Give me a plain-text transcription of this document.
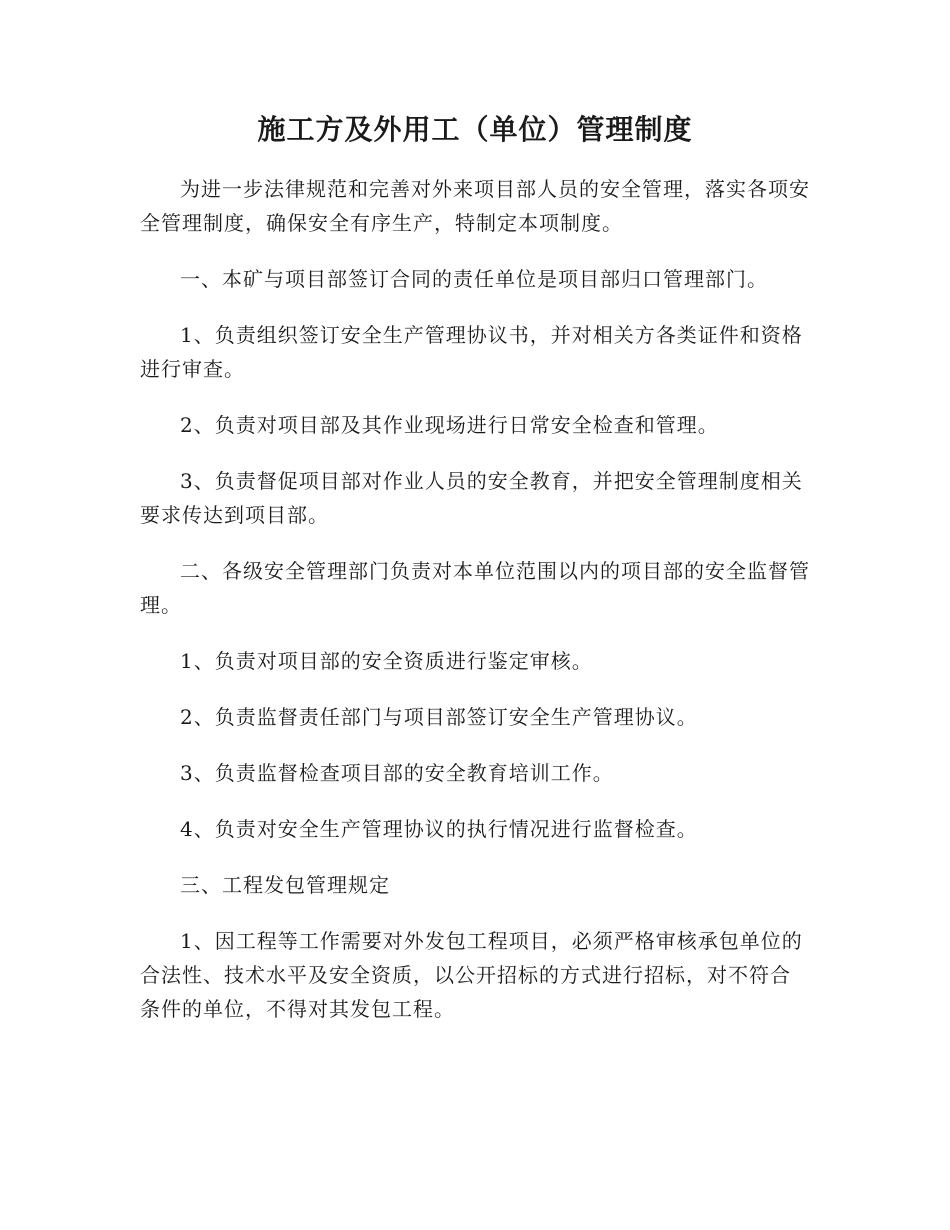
施工方及外用工（单位）管理制度

为进一步法律规范和完善对外来项目部人员的安全管理，落实各项安全管理制度，确保安全有序生产，特制定本项制度。

一、本矿与项目部签订合同的责任单位是项目部归口管理部门。

1、负责组织签订安全生产管理协议书，并对相关方各类证件和资格进行审查。

2、负责对项目部及其作业现场进行日常安全检查和管理。

3、负责督促项目部对作业人员的安全教育，并把安全管理制度相关要求传达到项目部。

二、各级安全管理部门负责对本单位范围以内的项目部的安全监督管理。

1、负责对项目部的安全资质进行鉴定审核。

2、负责监督责任部门与项目部签订安全生产管理协议。

3、负责监督检查项目部的安全教育培训工作。

4、负责对安全生产管理协议的执行情况进行监督检查。

三、工程发包管理规定

1、因工程等工作需要对外发包工程项目，必须严格审核承包单位的合法性、技术水平及安全资质，以公开招标的方式进行招标，对不符合条件的单位，不得对其发包工程。
